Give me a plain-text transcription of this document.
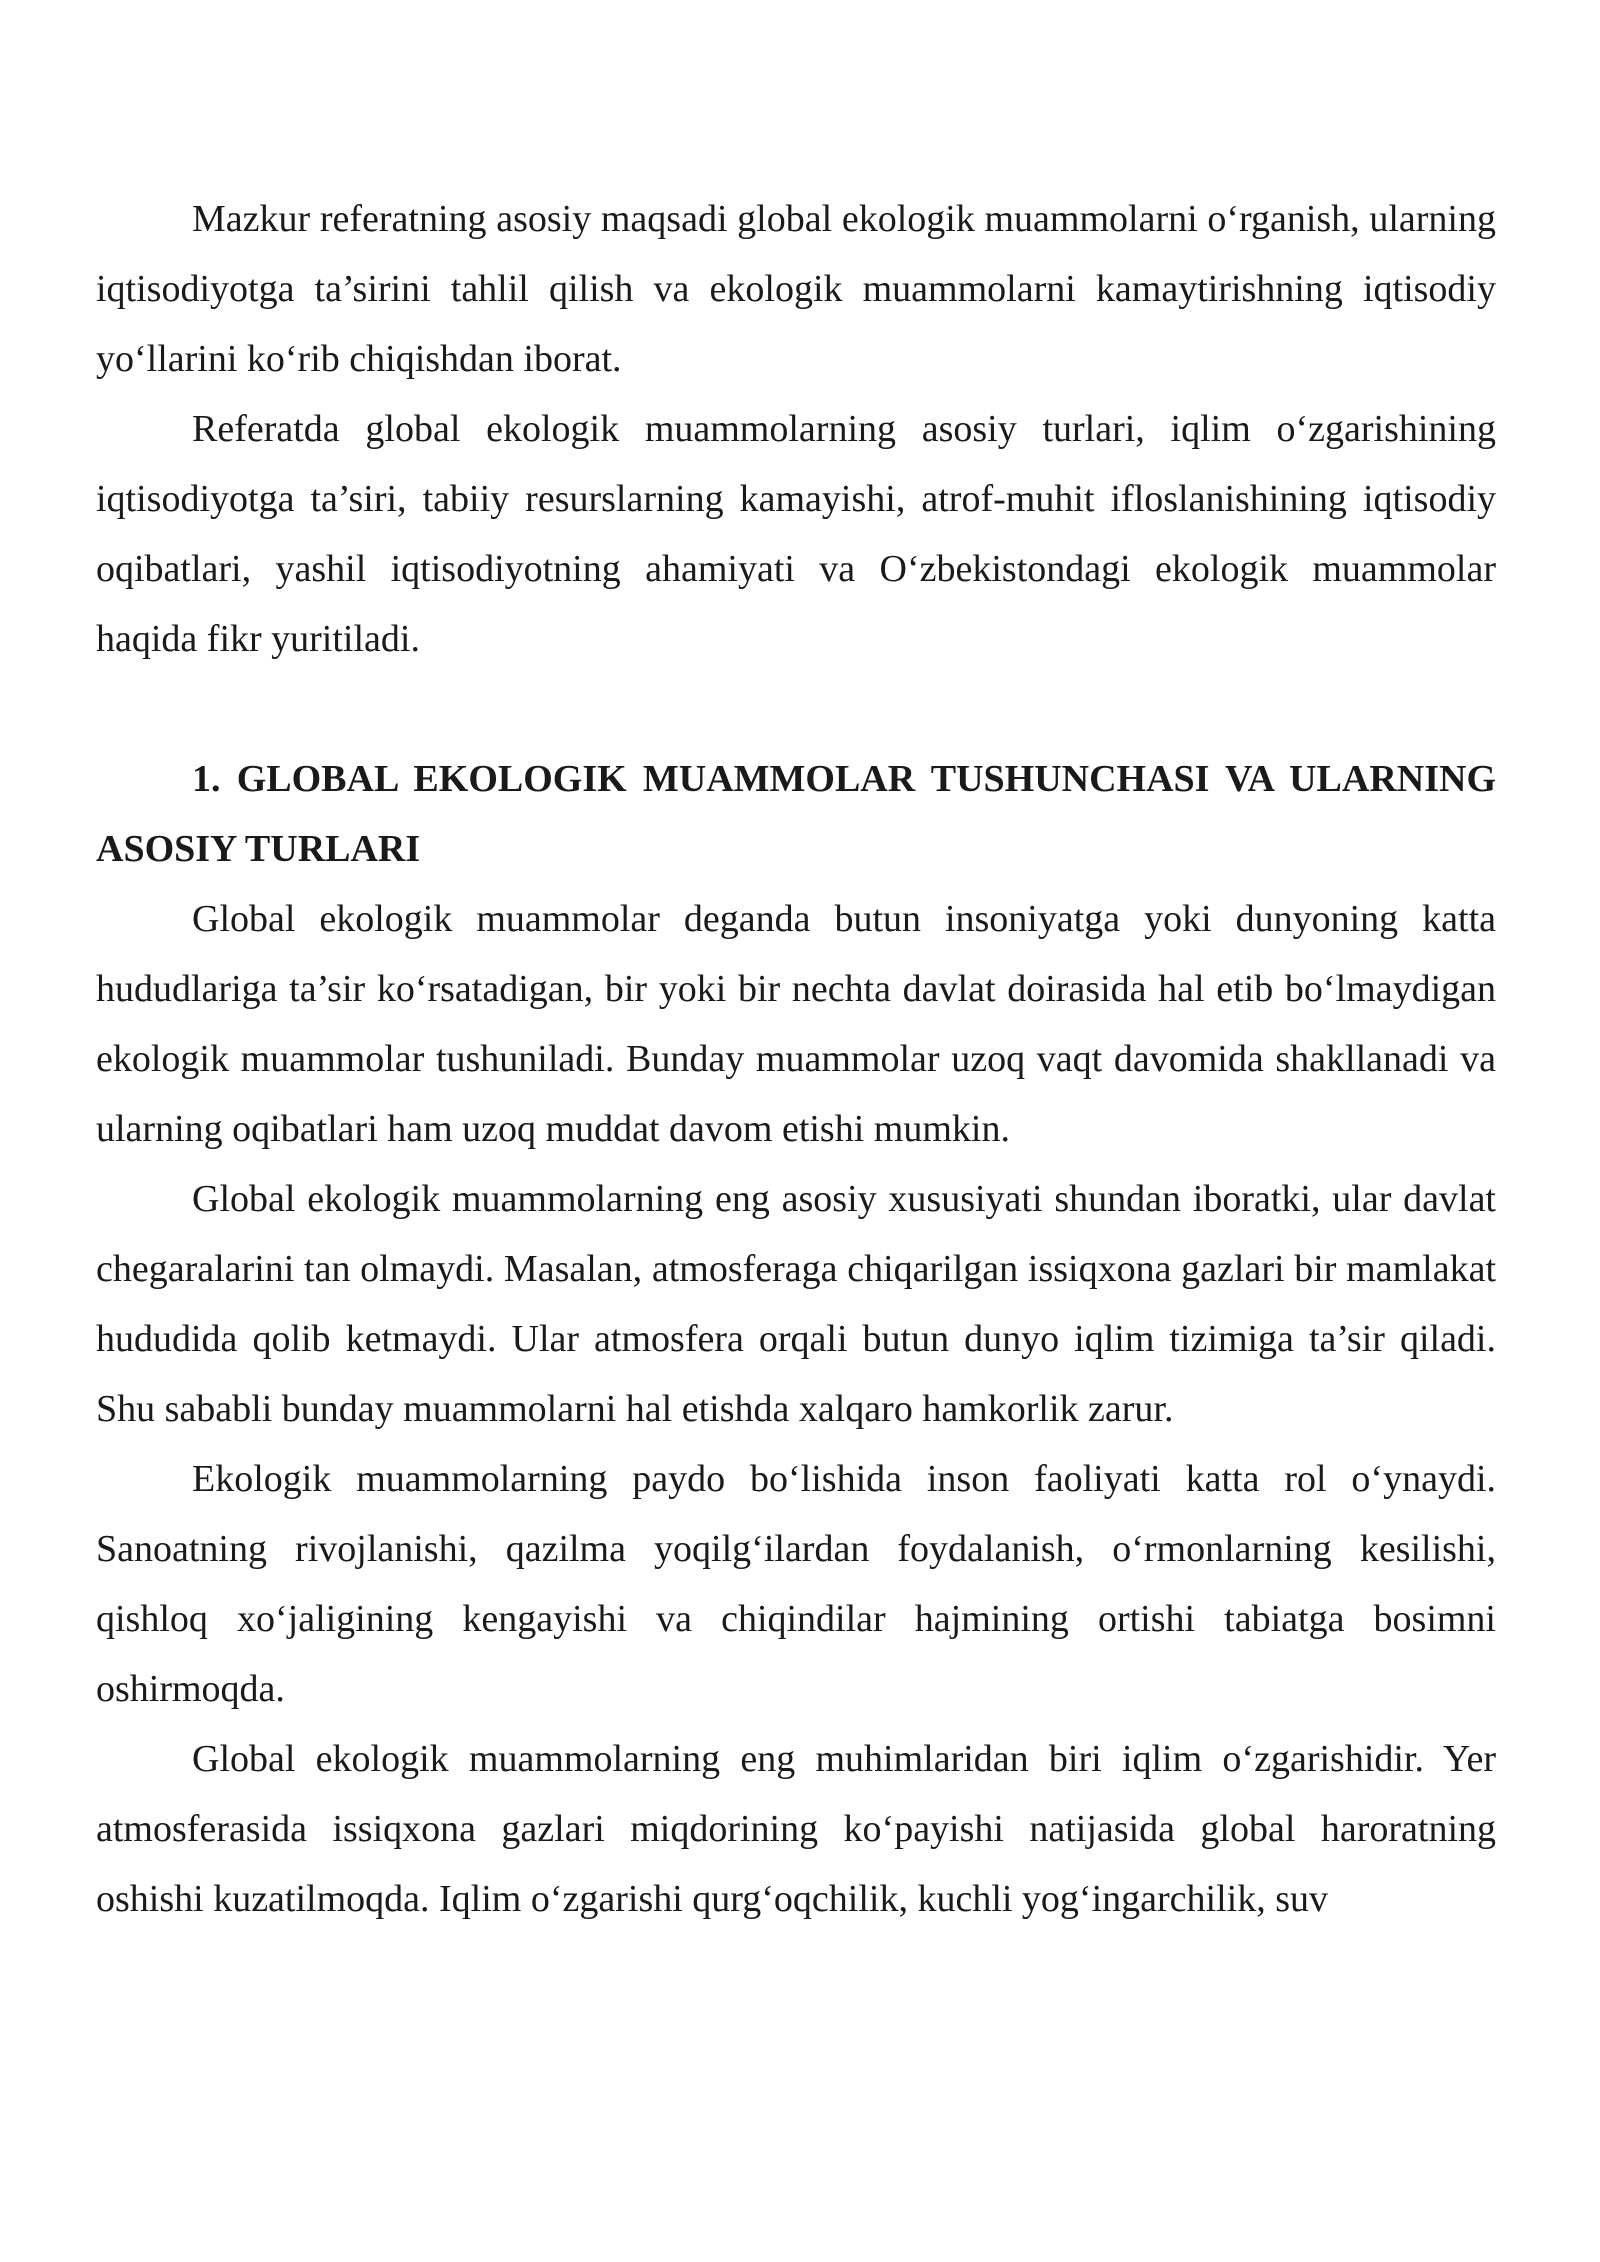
Mazkur referatning asosiy maqsadi global ekologik muammolarni o‘rganish, ularning iqtisodiyotga ta’sirini tahlil qilish va ekologik muammolarni kamaytirishning iqtisodiy yo‘llarini ko‘rib chiqishdan iborat.

Referatda global ekologik muammolarning asosiy turlari, iqlim o‘zgarishining iqtisodiyotga ta’siri, tabiiy resurslarning kamayishi, atrof-muhit ifloslanishining iqtisodiy oqibatlari, yashil iqtisodiyotning ahamiyati va O‘zbekistondagi ekologik muammolar haqida fikr yuritiladi.

1. GLOBAL EKOLOGIK MUAMMOLAR TUSHUNCHASI VA ULARNING ASOSIY TURLARI

Global ekologik muammolar deganda butun insoniyatga yoki dunyoning katta hududlariga ta’sir ko‘rsatadigan, bir yoki bir nechta davlat doirasida hal etib bo‘lmaydigan ekologik muammolar tushuniladi. Bunday muammolar uzoq vaqt davomida shakllanadi va ularning oqibatlari ham uzoq muddat davom etishi mumkin.

Global ekologik muammolarning eng asosiy xususiyati shundan iboratki, ular davlat chegaralarini tan olmaydi. Masalan, atmosferaga chiqarilgan issiqxona gazlari bir mamlakat hududida qolib ketmaydi. Ular atmosfera orqali butun dunyo iqlim tizimiga ta’sir qiladi. Shu sababli bunday muammolarni hal etishda xalqaro hamkorlik zarur.

Ekologik muammolarning paydo bo‘lishida inson faoliyati katta rol o‘ynaydi. Sanoatning rivojlanishi, qazilma yoqilg‘ilardan foydalanish, o‘rmonlarning kesilishi, qishloq xo‘jaligining kengayishi va chiqindilar hajmining ortishi tabiatga bosimni oshirmoqda.

Global ekologik muammolarning eng muhimlaridan biri iqlim o‘zgarishidir. Yer atmosferasida issiqxona gazlari miqdorining ko‘payishi natijasida global haroratning oshishi kuzatilmoqda. Iqlim o‘zgarishi qurg‘oqchilik, kuchli yog‘ingarchilik, suv
